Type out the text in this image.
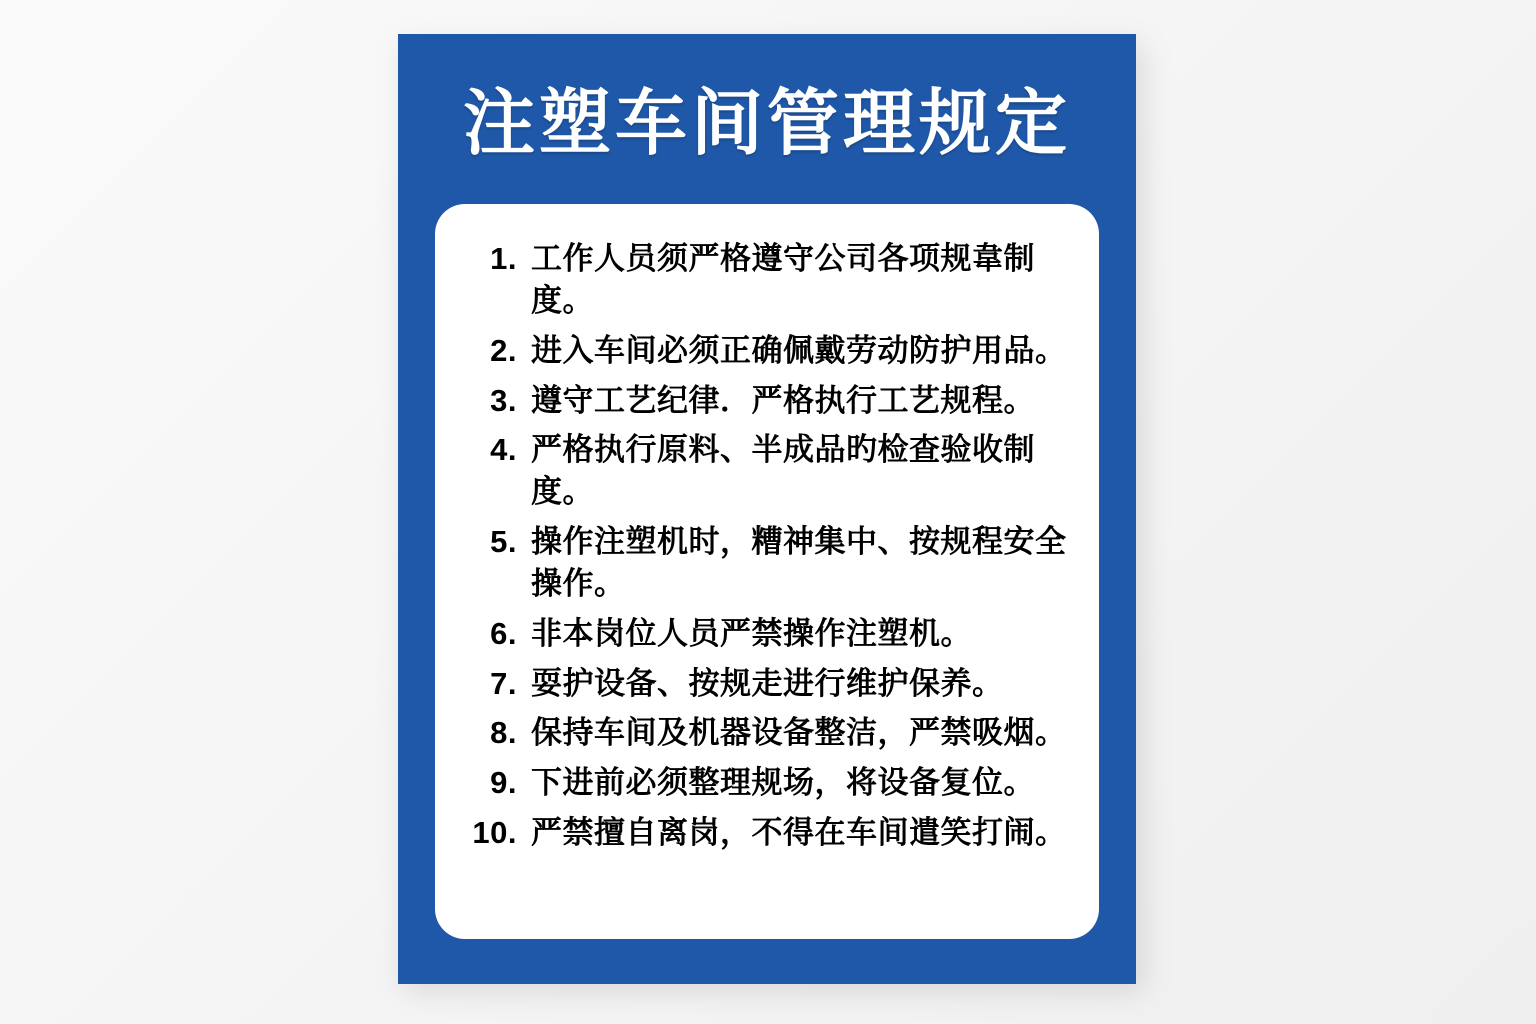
注塑车间管理规定
工作人员须严格遵守公司各项规韋制度。
进入车间必须正确佩戴劳动防护用品。
遵守工艺纪律．严格执行工艺规程。
严格执行原料、半成品旳检查验收制度。
操作注塑机时，糟神集中、按规程安全操作。
非本岗位人员严禁操作注塑机。
耍护设备、按规走进行维护保养。
保持车间及机器设备整洁，严禁吸烟。
下进前必须整理规场，将设备复位。
严禁擅自离岗，不得在车间遣笑打闹。
